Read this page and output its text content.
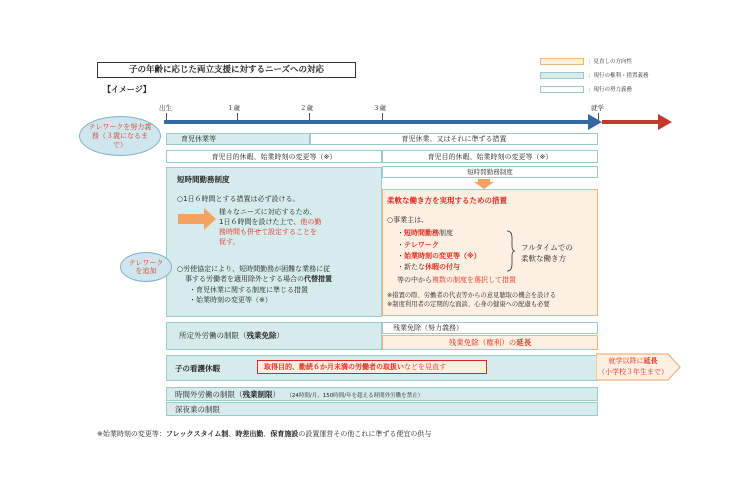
子の年齢に応じた両立支援に対するニーズへの対応
【イメージ】
：見直しの方向性
：現行の権利・措置義務
：現行の努力義務
出生	１歳	２歳	３歳	就学
テレワークを努力義務（３歳になるまで）
育児休業等	育児休業、又はそれに準ずる措置
育児目的休暇、始業時刻の変更等（※）	育児目的休暇、始業時刻の変更等（※）
短時間勤務制度
短時間勤務制度
○1日６時間とする措置は必ず設ける。
様々なニーズに対応するため、
1日６時間を設けた上で、他の勤
務時間も併せて設定することを
促す。
○労使協定により、短時間勤務が困難な業務に従
事する労働者を適用除外とする場合の代替措置
・育児休業に関する制度に準じる措置
・始業時刻の変更等（※）
テレワークを追加
柔軟な働き方を実現するための措置
○事業主は、
・短時間勤務制度
・テレワーク
・始業時刻の変更等（※）
・新たな休暇の付与
フルタイムでの
柔軟な働き方
等の中から複数の制度を選択して措置
※措置の際、労働者の代表等からの意見聴取の機会を設ける
※制度利用者の定期的な面談、心身の健康への配慮も必要
所定外労働の制限（残業免除）
残業免除（努力義務）
残業免除（権利）の延長
子の看護休暇	取得目的、勤続６か月未満の労働者の取扱いなどを見直す
就学以降に延長
（小学校３年生まで）
時間外労働の制限（残業制限） （24時間/月、150時間/年を超える時間外労働を禁止）
深夜業の制限
※始業時刻の変更等：フレックスタイム制、時差出勤、保育施設の設置運営その他これに準ずる便宜の供与
